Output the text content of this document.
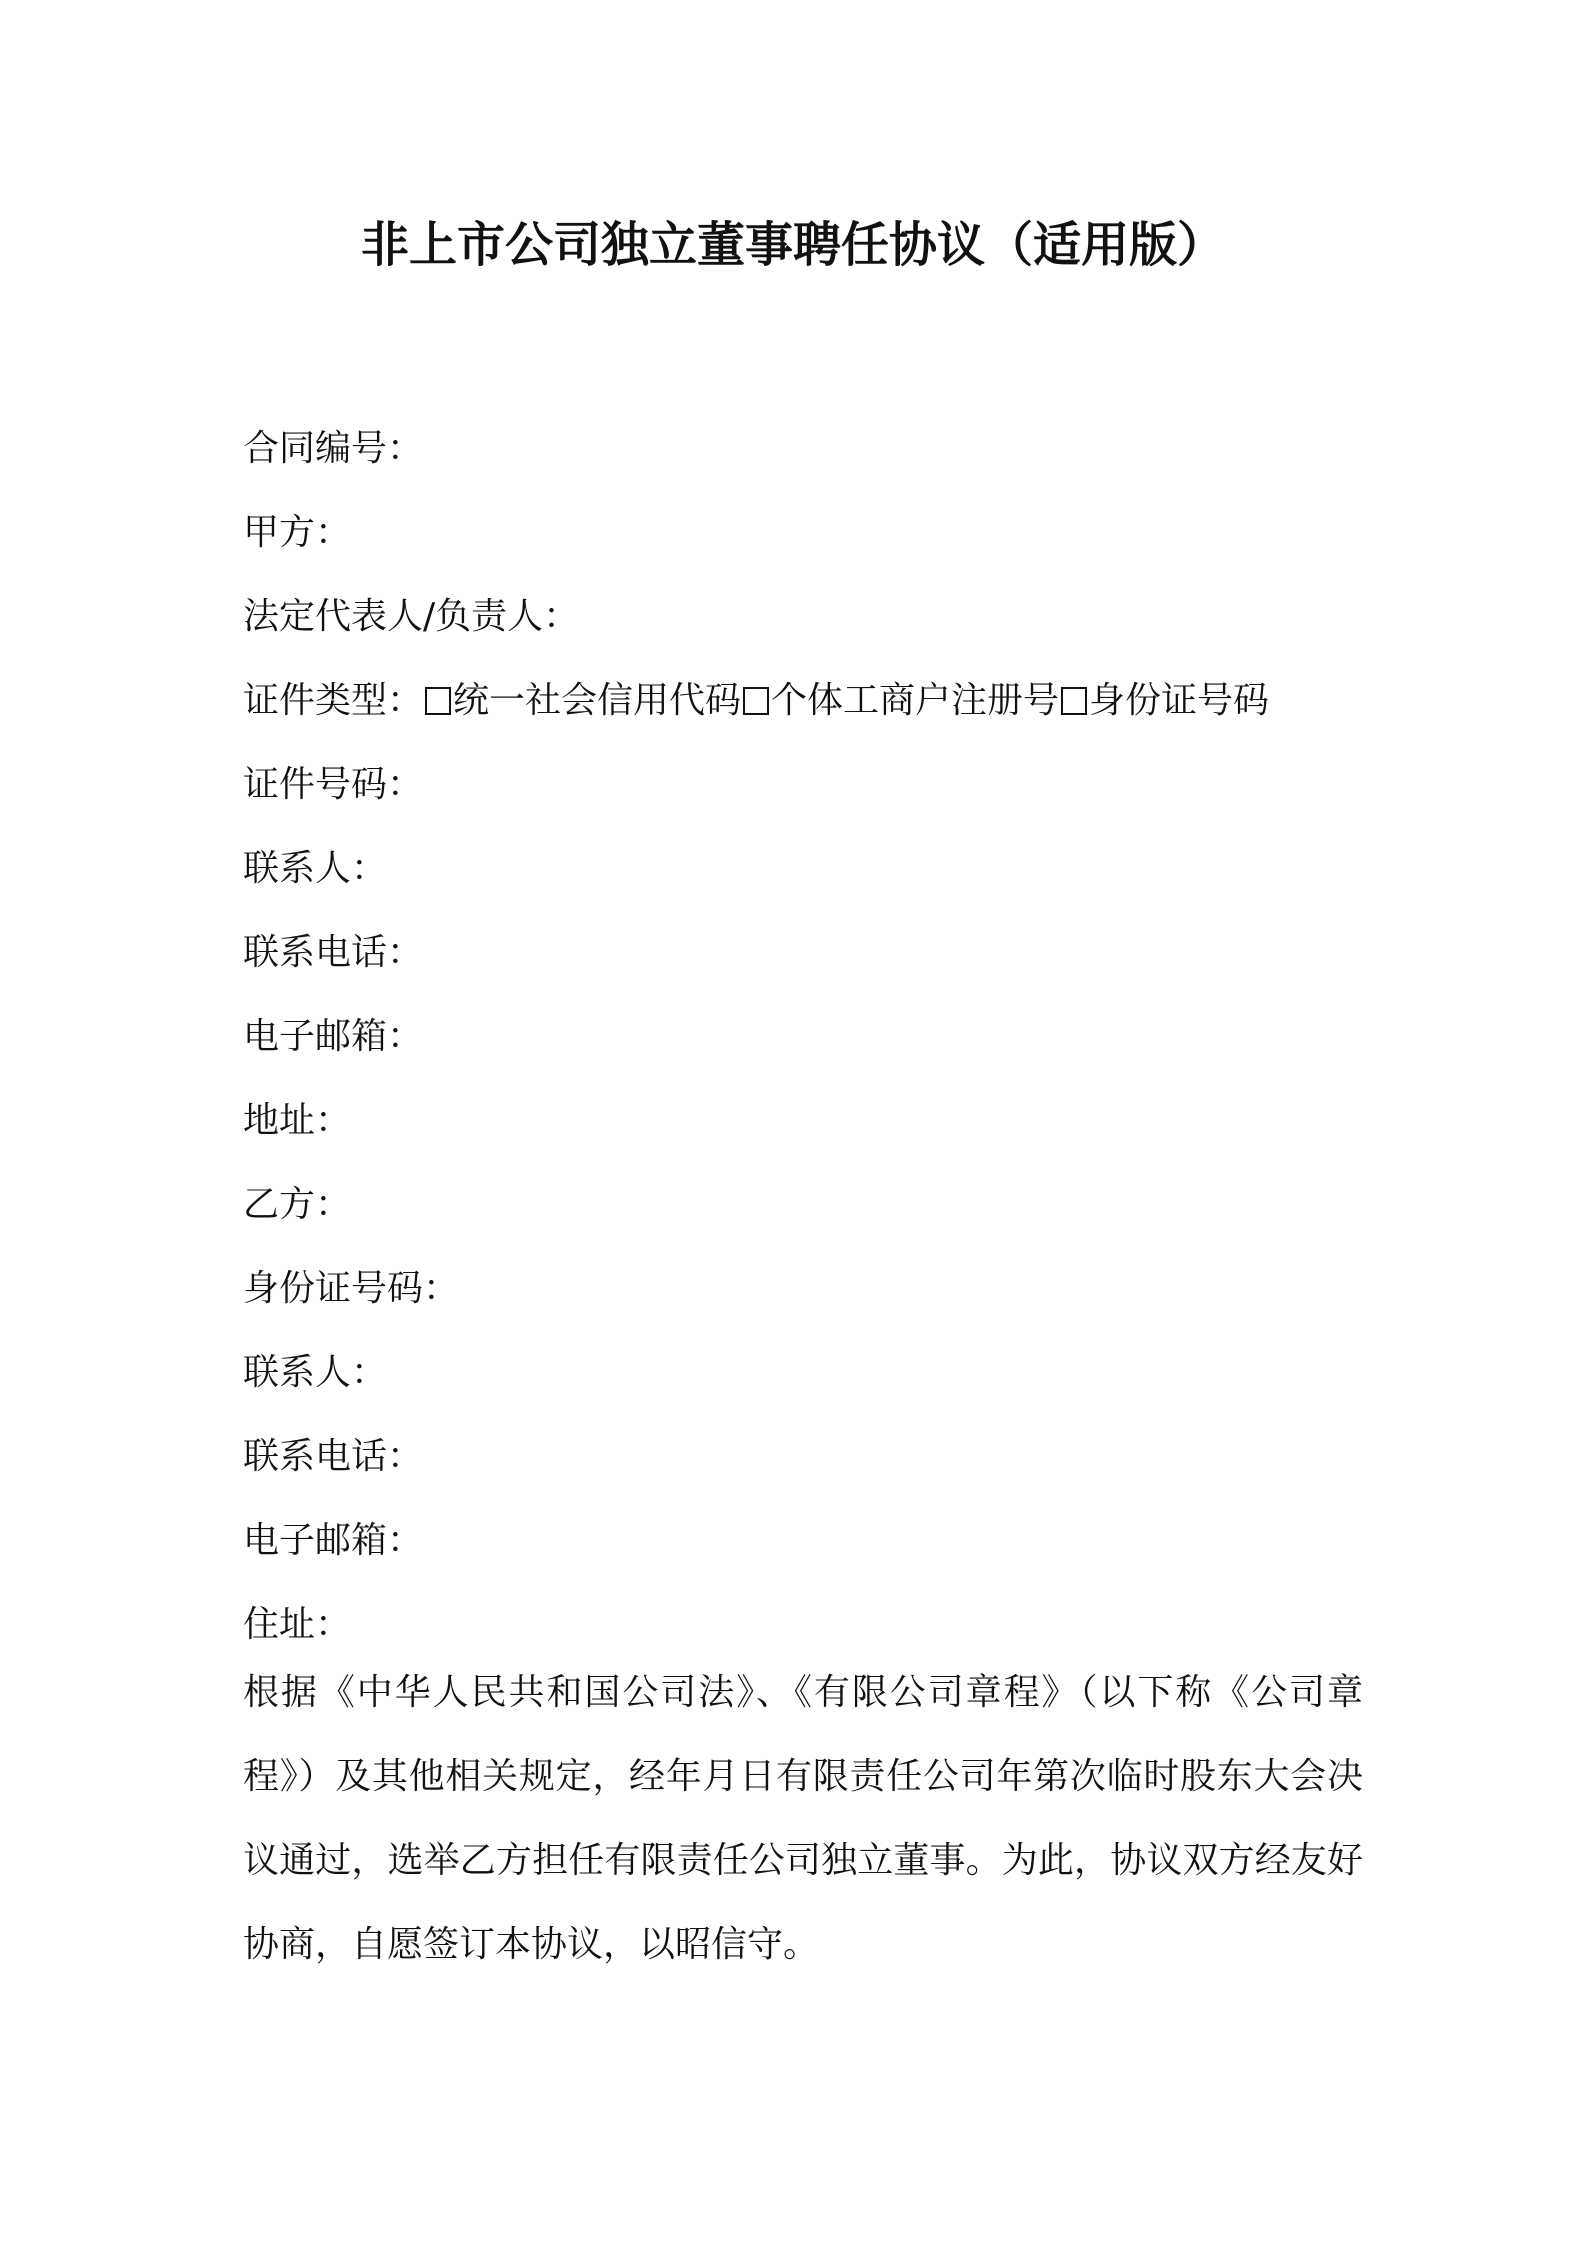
非上市公司独立董事聘任协议（适用版）
合同编号：
甲方：
法定代表人/负责人：
证件类型： 统一社会信用代码 个体工商户注册号 身份证号码
证件号码：
联系人：
联系电话：
电子邮箱：
地址：
乙方：
身份证号码：
联系人：
联系电话：
电子邮箱：
住址：

根据《中华人民共和国公司法》、《有限公司章程》（以下称《公司章程》）及其他相关规定，经年月日有限责任公司年第次临时股东大会决议通过，选举乙方担任有限责任公司独立董事。为此，协议双方经友好协商，自愿签订本协议，以昭信守。
